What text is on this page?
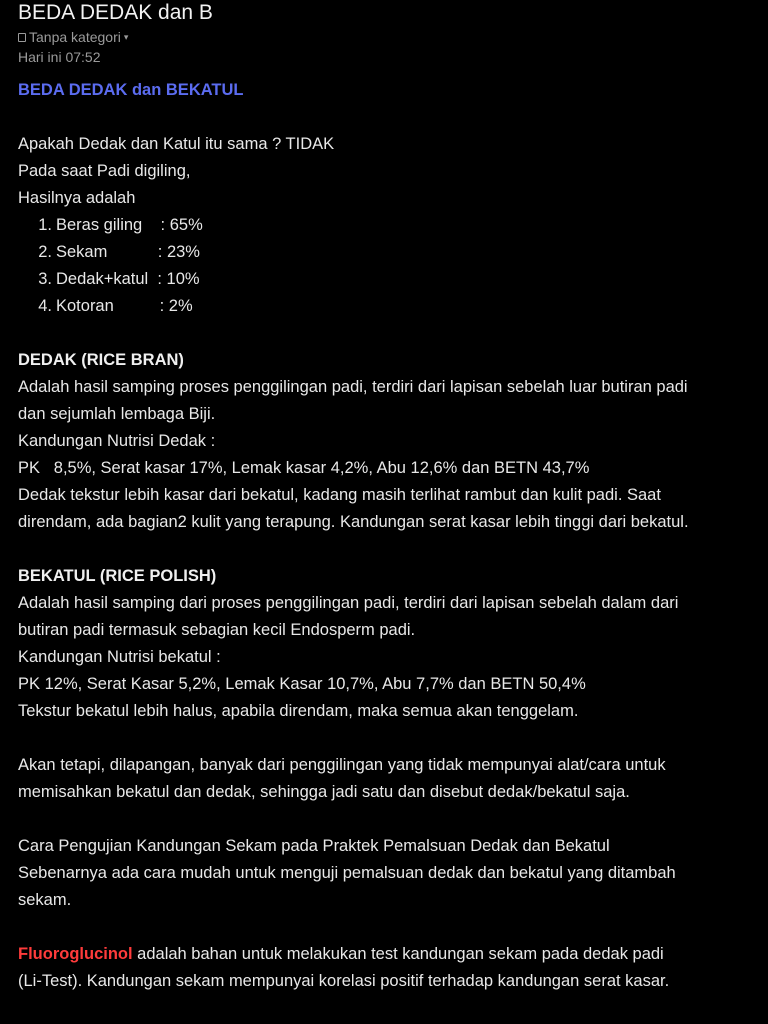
BEDA DEDAK dan B
Tanpa kategori ▾
Hari ini 07:52
BEDA DEDAK dan BEKATUL
Apakah Dedak dan Katul itu sama ? TIDAK
Pada saat Padi digiling,
Hasilnya adalah
1. Beras giling    : 65%
2. Sekam           : 23%
3. Dedak+katul  : 10%
4. Kotoran          : 2%
DEDAK (RICE BRAN)
Adalah hasil samping proses penggilingan padi, terdiri dari lapisan sebelah luar butiran padi
dan sejumlah lembaga Biji.
Kandungan Nutrisi Dedak :
PK   8,5%, Serat kasar 17%, Lemak kasar 4,2%, Abu 12,6% dan BETN 43,7%
Dedak tekstur lebih kasar dari bekatul, kadang masih terlihat rambut dan kulit padi. Saat
direndam, ada bagian2 kulit yang terapung. Kandungan serat kasar lebih tinggi dari bekatul.
BEKATUL (RICE POLISH)
Adalah hasil samping dari proses penggilingan padi, terdiri dari lapisan sebelah dalam dari
butiran padi termasuk sebagian kecil Endosperm padi.
Kandungan Nutrisi bekatul :
PK 12%, Serat Kasar 5,2%, Lemak Kasar 10,7%, Abu 7,7% dan BETN 50,4%
Tekstur bekatul lebih halus, apabila direndam, maka semua akan tenggelam.
Akan tetapi, dilapangan, banyak dari penggilingan yang tidak mempunyai alat/cara untuk
memisahkan bekatul dan dedak, sehingga jadi satu dan disebut dedak/bekatul saja.
Cara Pengujian Kandungan Sekam pada Praktek Pemalsuan Dedak dan Bekatul
Sebenarnya ada cara mudah untuk menguji pemalsuan dedak dan bekatul yang ditambah
sekam.
Fluoroglucinol adalah bahan untuk melakukan test kandungan sekam pada dedak padi
(Li-Test). Kandungan sekam mempunyai korelasi positif terhadap kandungan serat kasar.
